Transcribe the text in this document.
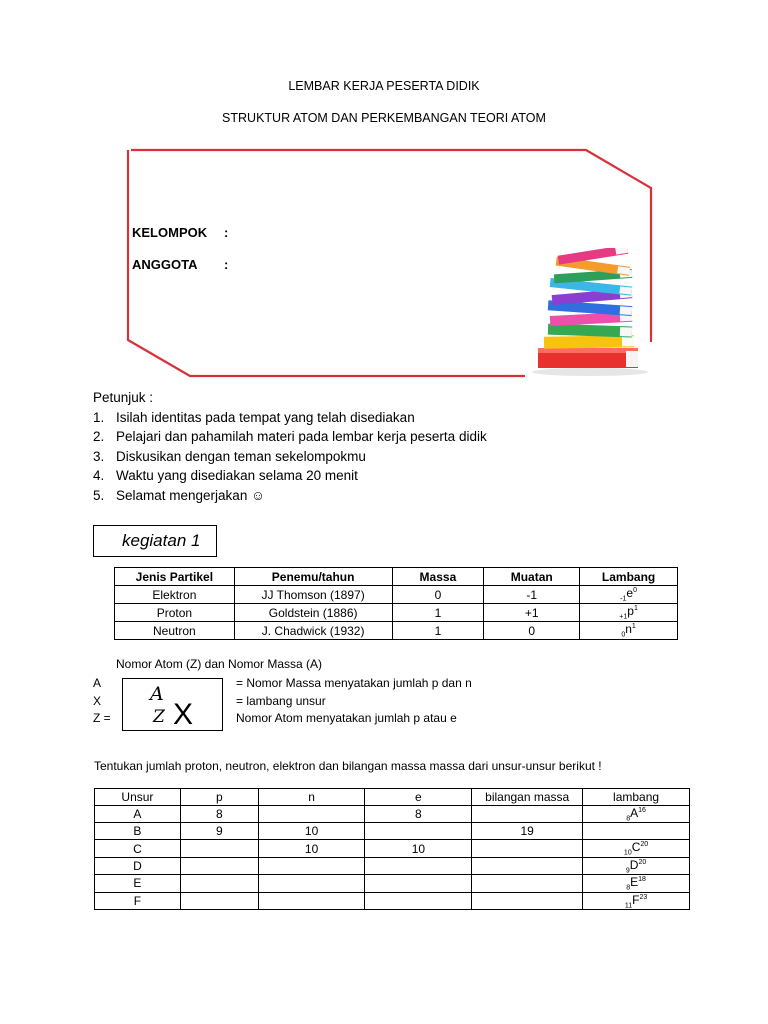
LEMBAR KERJA PESERTA DIDIK
STRUKTUR ATOM DAN PERKEMBANGAN TEORI ATOM
KELOMPOK :
ANGGOTA :
Petunjuk :
1. Isilah identitas pada tempat yang telah disediakan
2. Pelajari dan pahamilah materi pada lembar kerja peserta didik
3. Diskusikan dengan teman sekelompokmu
4. Waktu yang disediakan selama 20 menit
5. Selamat mengerjakan ☺
kegiatan 1
Jenis Partikel	Penemu/tahun	Massa	Muatan	Lambang
Elektron	JJ Thomson (1897)	0	-1	$_{-1}e^0$
Proton	Goldstein (1886)	1	+1	$_{+1}p^1$
Neutron	J. Chadwick (1932)	1	0	$_0n^1$
Nomor Atom (Z) dan Nomor Massa (A)
A
X
Z =
A
Z X
= Nomor Massa menyatakan jumlah p dan n
= lambang unsur
Nomor Atom menyatakan jumlah p atau e
Tentukan jumlah proton, neutron, elektron dan bilangan massa massa dari unsur-unsur berikut !
Unsur	p	n	e	bilangan massa	lambang
A	8		8		$_8A^{16}$
B	9	10		19	
C		10	10		$_{10}C^{20}$
D					$_9D^{20}$
E					$_8E^{18}$
F					$_{11}F^{23}$
